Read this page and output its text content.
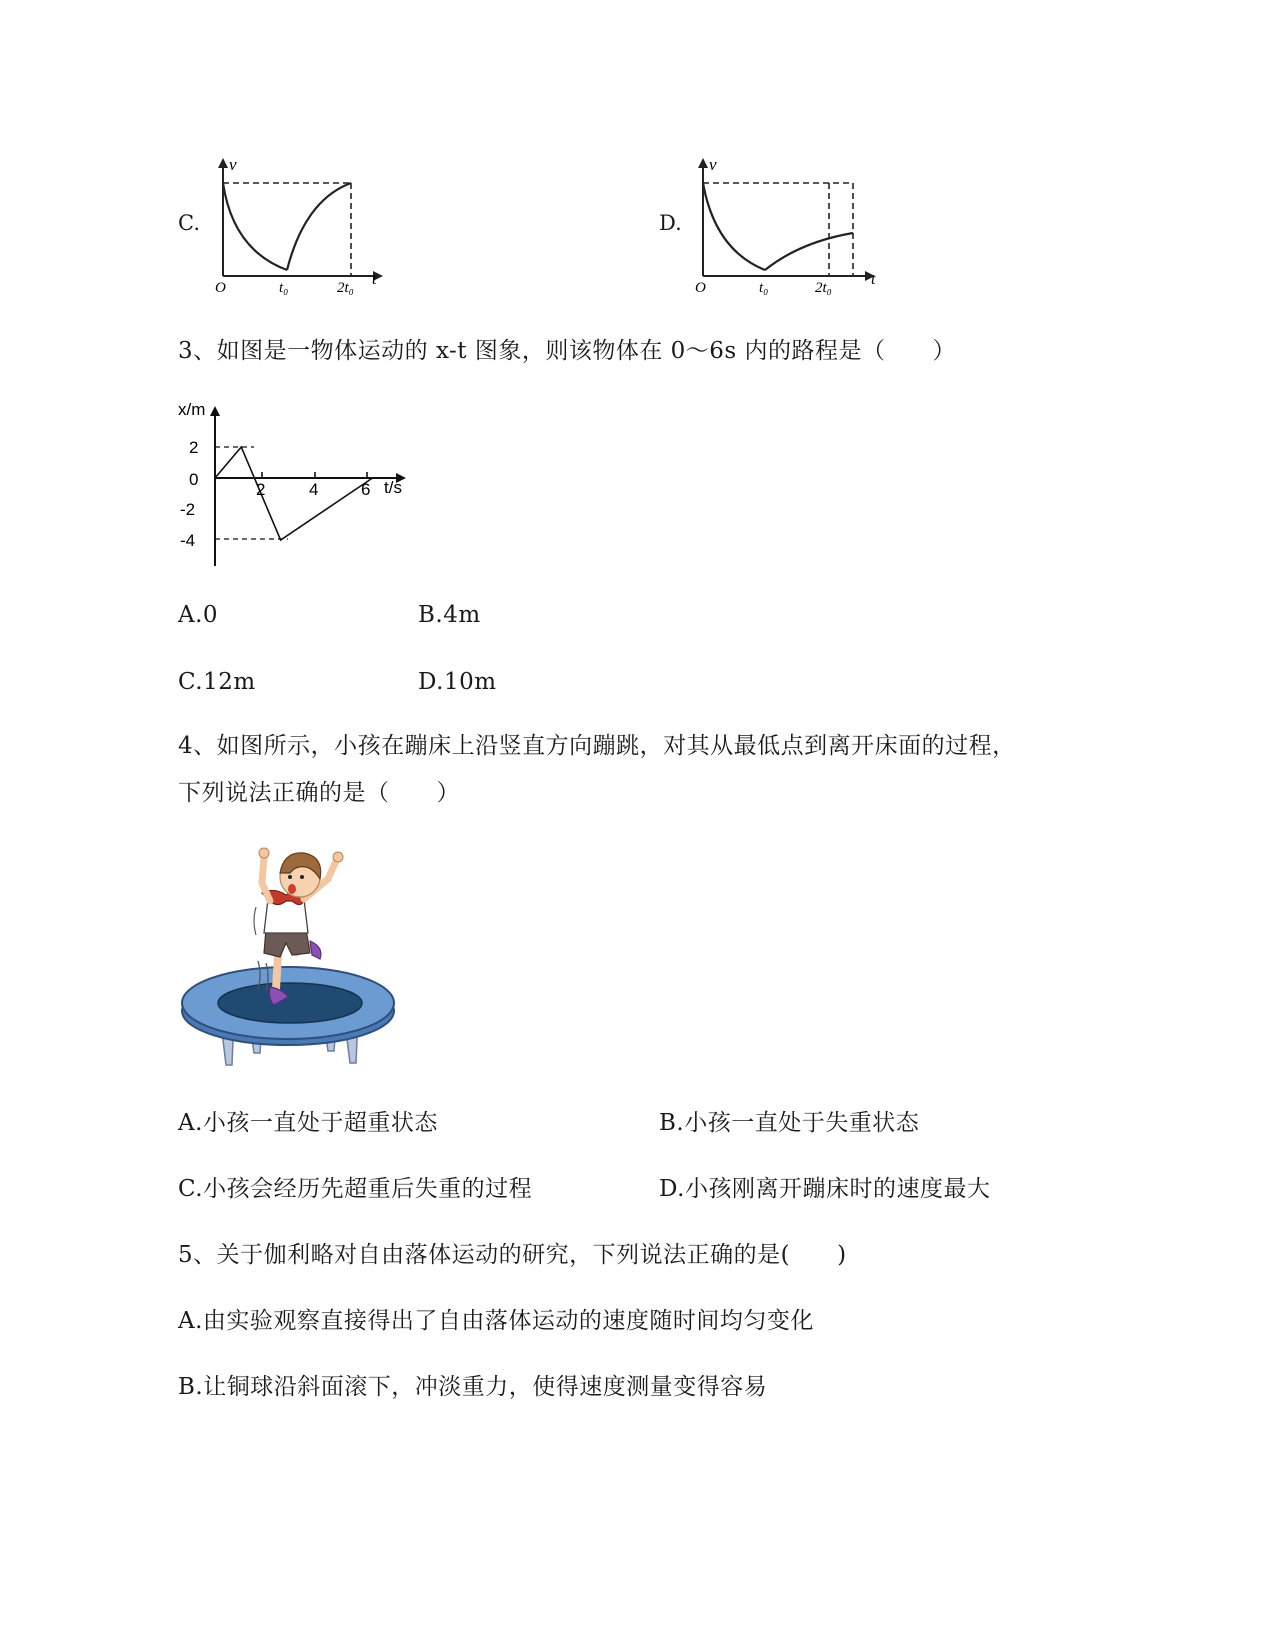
C.
v
t
O	t₀	2t₀
D.
v
t
O	t₀	2t₀
3、如图是一物体运动的 x-t 图象，则该物体在 0～6s 内的路程是（　　）
x/m
t/s
2
0
-2
-4
2	4	6
A.0	B.4m
C.12m	D.10m
4、如图所示，小孩在蹦床上沿竖直方向蹦跳，对其从最低点到离开床面的过程，
下列说法正确的是（　　）
A.小孩一直处于超重状态	B.小孩一直处于失重状态
C.小孩会经历先超重后失重的过程	D.小孩刚离开蹦床时的速度最大
5、关于伽利略对自由落体运动的研究，下列说法正确的是(　　)
A.由实验观察直接得出了自由落体运动的速度随时间均匀变化
B.让铜球沿斜面滚下，冲淡重力，使得速度测量变得容易
